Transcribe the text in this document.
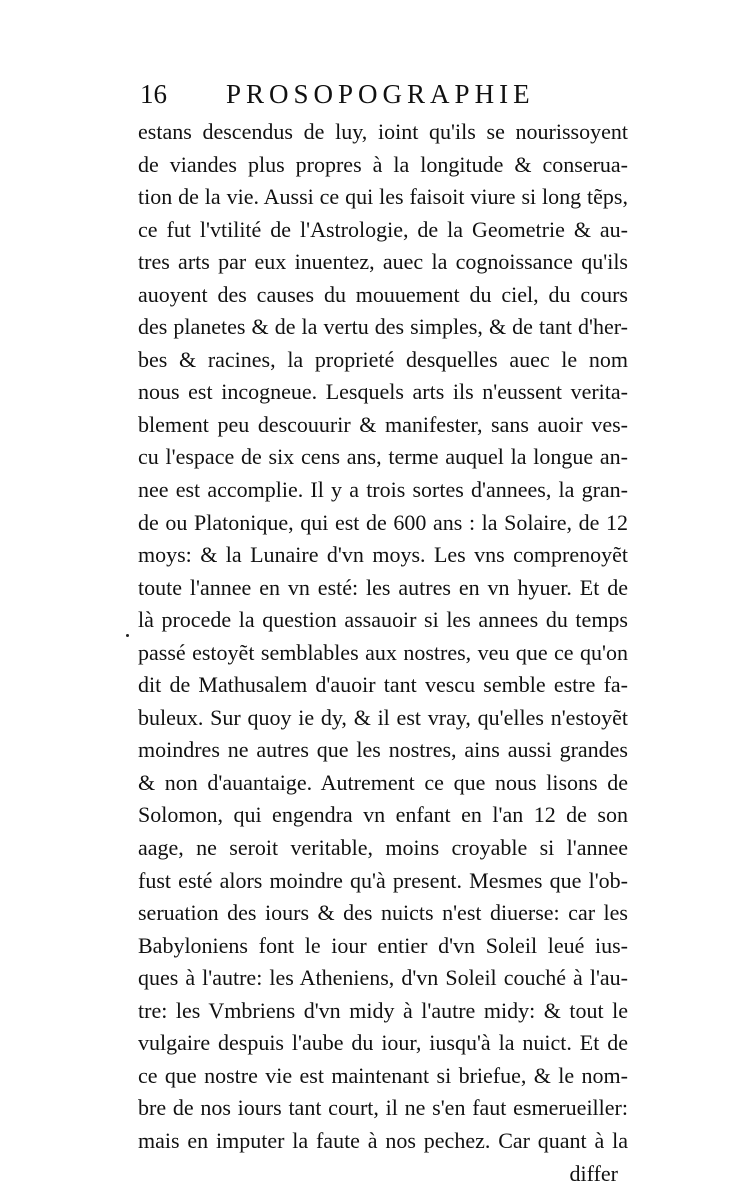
16 PROSOPOGRAPHIE
estans descendus de luy, ioint qu'ils se nourissoyent
de viandes plus propres à la longitude & conserua-
tion de la vie. Aussi ce qui les faisoit viure si long tẽps,
ce fut l'vtilité de l'Astrologie, de la Geometrie & au-
tres arts par eux inuentez, auec la cognoissance qu'ils
auoyent des causes du mouuement du ciel, du cours
des planetes & de la vertu des simples, & de tant d'her-
bes & racines, la proprieté desquelles auec le nom
nous est incogneue. Lesquels arts ils n'eussent verita-
blement peu descouurir & manifester, sans auoir ves-
cu l'espace de six cens ans, terme auquel la longue an-
nee est accomplie. Il y a trois sortes d'annees, la gran-
de ou Platonique, qui est de 600 ans : la Solaire, de 12
moys: & la Lunaire d'vn moys. Les vns comprenoyẽt
toute l'annee en vn esté: les autres en vn hyuer. Et de
là procede la question assauoir si les annees du temps
passé estoyẽt semblables aux nostres, veu que ce qu'on
dit de Mathusalem d'auoir tant vescu semble estre fa-
buleux. Sur quoy ie dy, & il est vray, qu'elles n'estoyẽt
moindres ne autres que les nostres, ains aussi grandes
& non d'auantaige. Autrement ce que nous lisons de
Solomon, qui engendra vn enfant en l'an 12 de son
aage, ne seroit veritable, moins croyable si l'annee
fust esté alors moindre qu'à present. Mesmes que l'ob-
seruation des iours & des nuicts n'est diuerse: car les
Babyloniens font le iour entier d'vn Soleil leué ius-
ques à l'autre: les Atheniens, d'vn Soleil couché à l'au-
tre: les Vmbriens d'vn midy à l'autre midy: & tout le
vulgaire despuis l'aube du iour, iusqu'à la nuict. Et de
ce que nostre vie est maintenant si briefue, & le nom-
bre de nos iours tant court, il ne s'en faut esmerueiller:
mais en imputer la faute à nos pechez. Car quant à la
differ
